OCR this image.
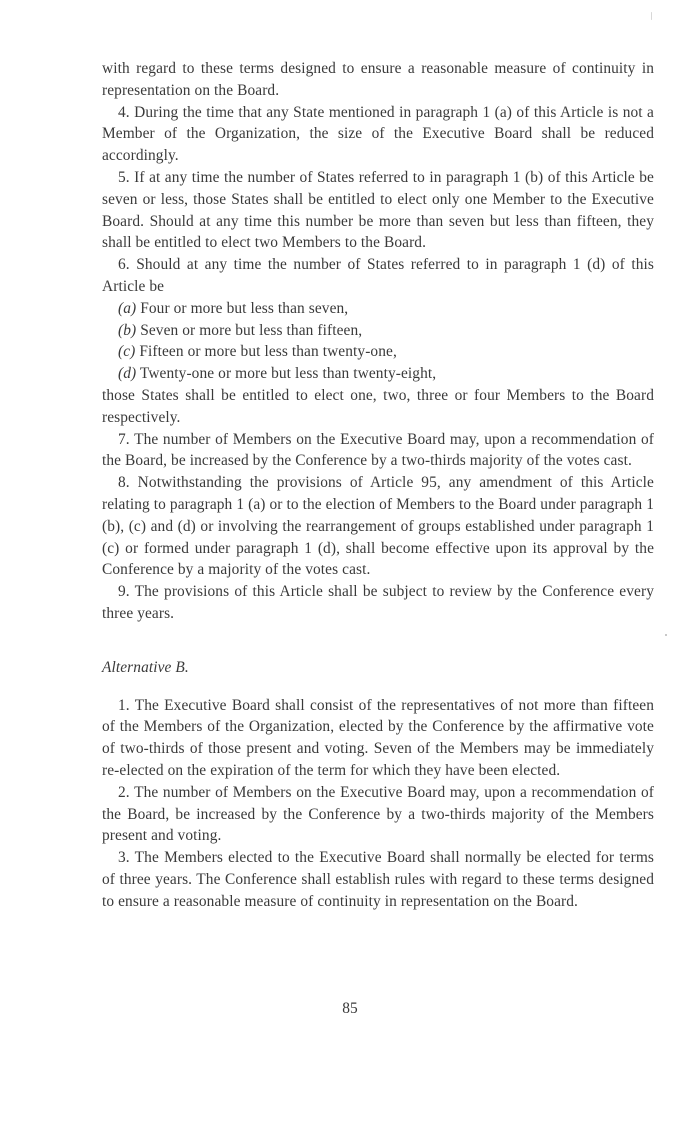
with regard to these terms designed to ensure a reasonable measure of continuity in representation on the Board.

4. During the time that any State mentioned in paragraph 1 (a) of this Article is not a Member of the Organization, the size of the Executive Board shall be reduced accordingly.

5. If at any time the number of States referred to in paragraph 1 (b) of this Article be seven or less, those States shall be entitled to elect only one Member to the Executive Board. Should at any time this number be more than seven but less than fifteen, they shall be entitled to elect two Members to the Board.

6. Should at any time the number of States referred to in paragraph 1 (d) of this Article be

(a) Four or more but less than seven,
(b) Seven or more but less than fifteen,
(c) Fifteen or more but less than twenty-one,
(d) Twenty-one or more but less than twenty-eight,

those States shall be entitled to elect one, two, three or four Members to the Board respectively.

7. The number of Members on the Executive Board may, upon a recommendation of the Board, be increased by the Conference by a two-thirds majority of the votes cast.

8. Notwithstanding the provisions of Article 95, any amendment of this Article relating to paragraph 1 (a) or to the election of Members to the Board under paragraph 1 (b), (c) and (d) or involving the rearrangement of groups established under paragraph 1 (c) or formed under paragraph 1 (d), shall become effective upon its approval by the Conference by a majority of the votes cast.

9. The provisions of this Article shall be subject to review by the Conference every three years.

Alternative B.

1. The Executive Board shall consist of the representatives of not more than fifteen of the Members of the Organization, elected by the Conference by the affirmative vote of two-thirds of those present and voting. Seven of the Members may be immediately re-elected on the expiration of the term for which they have been elected.

2. The number of Members on the Executive Board may, upon a recommendation of the Board, be increased by the Conference by a two-thirds majority of the Members present and voting.

3. The Members elected to the Executive Board shall normally be elected for terms of three years. The Conference shall establish rules with regard to these terms designed to ensure a reasonable measure of continuity in representation on the Board.

85
